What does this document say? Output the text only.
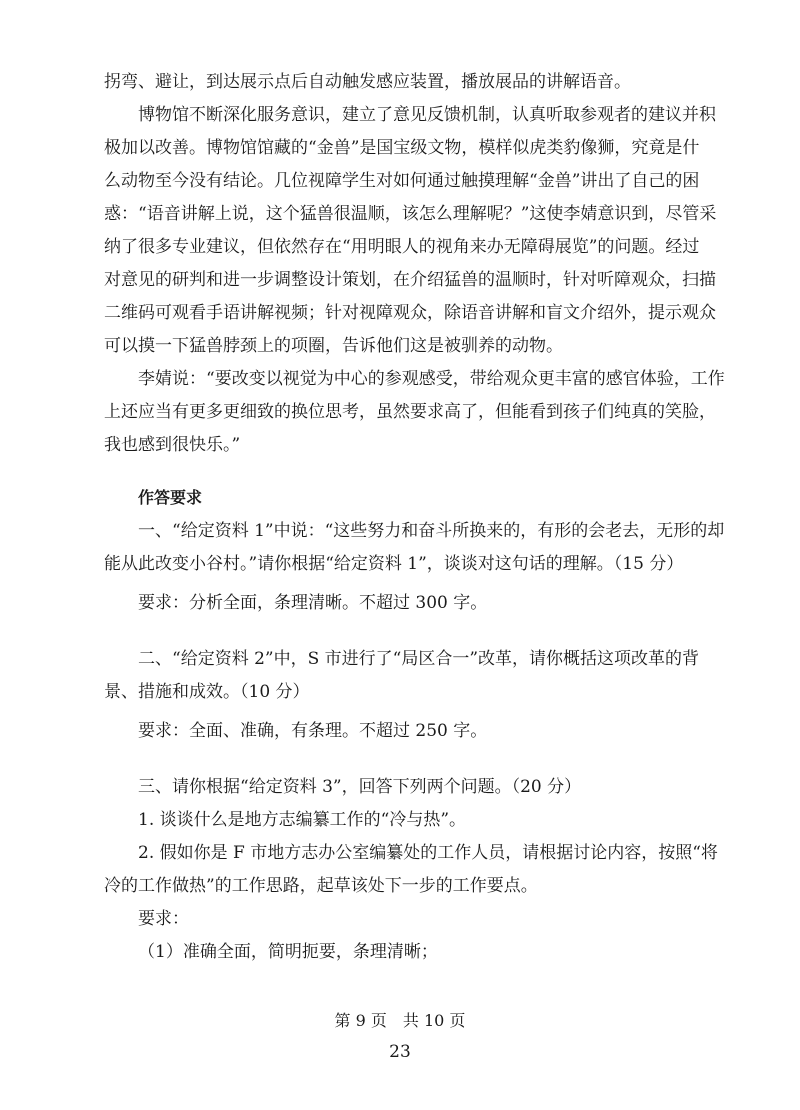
拐弯、避让，到达展示点后自动触发感应装置，播放展品的讲解语音。
博物馆不断深化服务意识，建立了意见反馈机制，认真听取参观者的建议并积
极加以改善。博物馆馆藏的“金兽”是国宝级文物，模样似虎类豹像狮，究竟是什
么动物至今没有结论。几位视障学生对如何通过触摸理解“金兽”讲出了自己的困
惑：“语音讲解上说，这个猛兽很温顺，该怎么理解呢？”这使李婧意识到，尽管采
纳了很多专业建议，但依然存在“用明眼人的视角来办无障碍展览”的问题。经过
对意见的研判和进一步调整设计策划，在介绍猛兽的温顺时，针对听障观众，扫描
二维码可观看手语讲解视频；针对视障观众，除语音讲解和盲文介绍外，提示观众
可以摸一下猛兽脖颈上的项圈，告诉他们这是被驯养的动物。
李婧说：“要改变以视觉为中心的参观感受，带给观众更丰富的感官体验，工作
上还应当有更多更细致的换位思考，虽然要求高了，但能看到孩子们纯真的笑脸，
我也感到很快乐。”
作答要求
一、“给定资料 1”中说：“这些努力和奋斗所换来的，有形的会老去，无形的却
能从此改变小谷村。”请你根据“给定资料 1”，谈谈对这句话的理解。（15 分）
要求：分析全面，条理清晰。不超过 300 字。
二、“给定资料 2”中，S 市进行了“局区合一”改革，请你概括这项改革的背
景、措施和成效。（10 分）
要求：全面、准确，有条理。不超过 250 字。
三、请你根据“给定资料 3”，回答下列两个问题。（20 分）
1. 谈谈什么是地方志编纂工作的“冷与热”。
2. 假如你是 F 市地方志办公室编纂处的工作人员，请根据讨论内容，按照“将
冷的工作做热”的工作思路，起草该处下一步的工作要点。
要求：
（1）准确全面，简明扼要，条理清晰；
第 9 页　共 10 页
23
